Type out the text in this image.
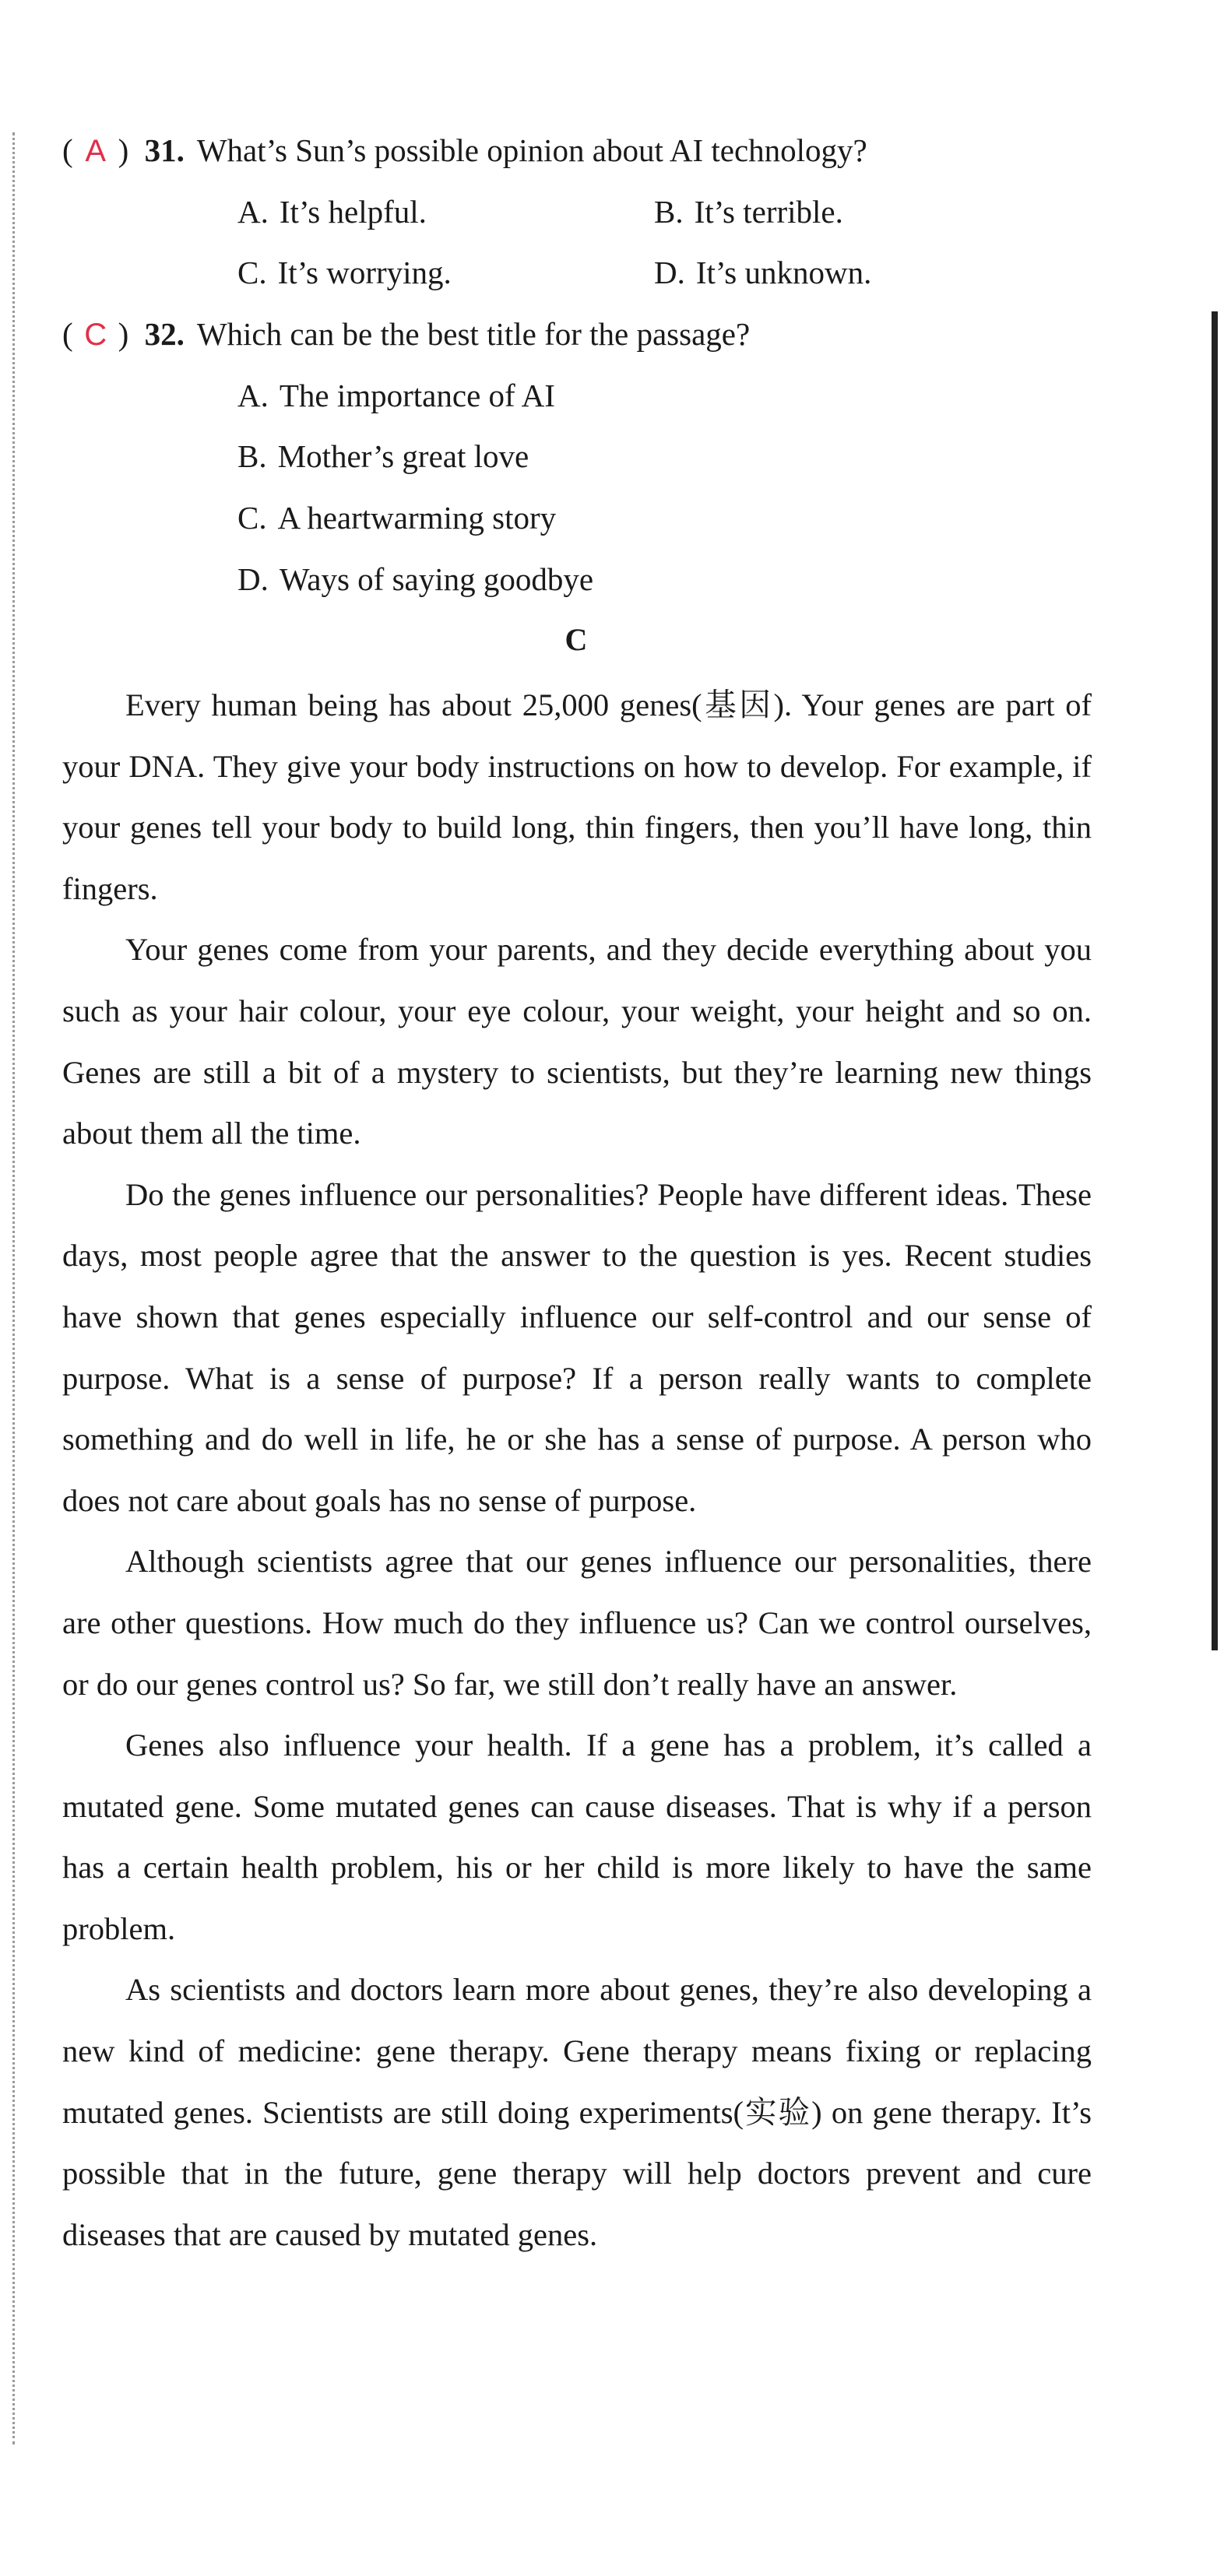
( A ) 31. What’s Sun’s possible opinion about AI technology?
A. It’s helpful.	B. It’s terrible.
C. It’s worrying.	D. It’s unknown.
( C ) 32. Which can be the best title for the passage?
A. The importance of AI
B. Mother’s great love
C. A heartwarming story
D. Ways of saying goodbye
C

Every human being has about 25,000 genes(基因). Your genes are part of your DNA. They give your body instructions on how to develop. For example, if your genes tell your body to build long, thin fingers, then you’ll have long, thin fingers.

Your genes come from your parents, and they decide everything about you such as your hair colour, your eye colour, your weight, your height and so on. Genes are still a bit of a mystery to scientists, but they’re learning new things about them all the time.

Do the genes influence our personalities? People have different ideas. These days, most people agree that the answer to the question is yes. Recent studies have shown that genes especially influence our self-control and our sense of purpose. What is a sense of purpose? If a person really wants to complete something and do well in life, he or she has a sense of purpose. A person who does not care about goals has no sense of purpose.

Although scientists agree that our genes influence our personalities, there are other questions. How much do they influence us? Can we control ourselves, or do our genes control us? So far, we still don’t really have an answer.

Genes also influence your health. If a gene has a problem, it’s called a mutated gene. Some mutated genes can cause diseases. That is why if a person has a certain health problem, his or her child is more likely to have the same problem.

As scientists and doctors learn more about genes, they’re also developing a new kind of medicine: gene therapy. Gene therapy means fixing or replacing mutated genes. Scientists are still doing experiments(实验) on gene therapy. It’s possible that in the future, gene therapy will help doctors prevent and cure diseases that are caused by mutated genes.
